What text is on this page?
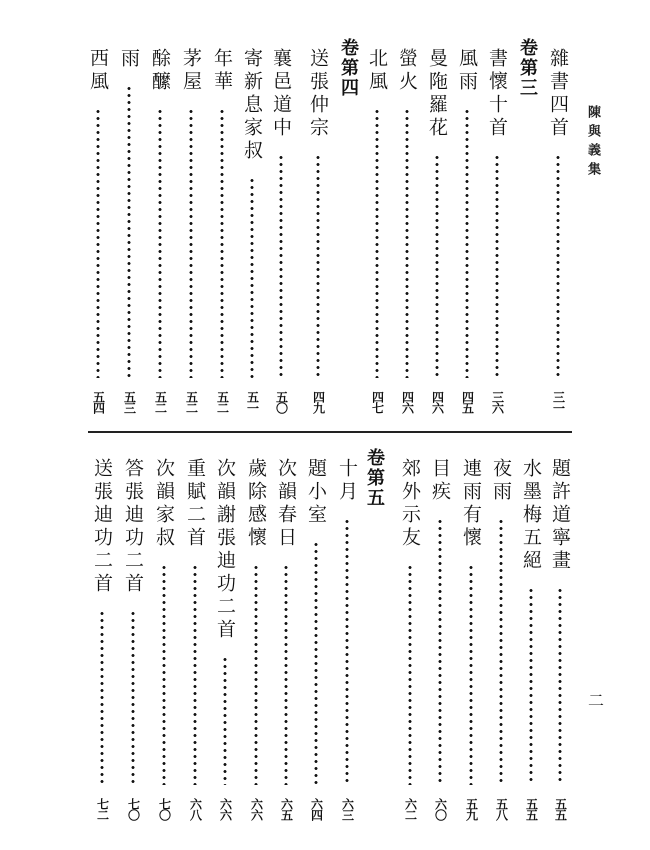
陳與義集
二
雜書四首
三一
卷第三
書懷十首
三六
風雨
四五
曼陁羅花
四六
螢火
四六
北風
四七
卷第四
送張仲宗
四九
襄邑道中
五〇
寄新息家叔
五一
年華
五二
茅屋
五二
酴醿
五二
雨
五三
西風
五四
題許道寧畫
五五
水墨梅五絕
五五
夜雨
五八
連雨有懷
五九
目疾
六〇
郊外示友
六二
卷第五
十月
六三
題小室
六四
次韻春日
六五
歲除感懷
六六
次韻謝張迪功二首
六六
重賦二首
六八
次韻家叔
七〇
答張迪功二首
七〇
送張迪功二首
七二
